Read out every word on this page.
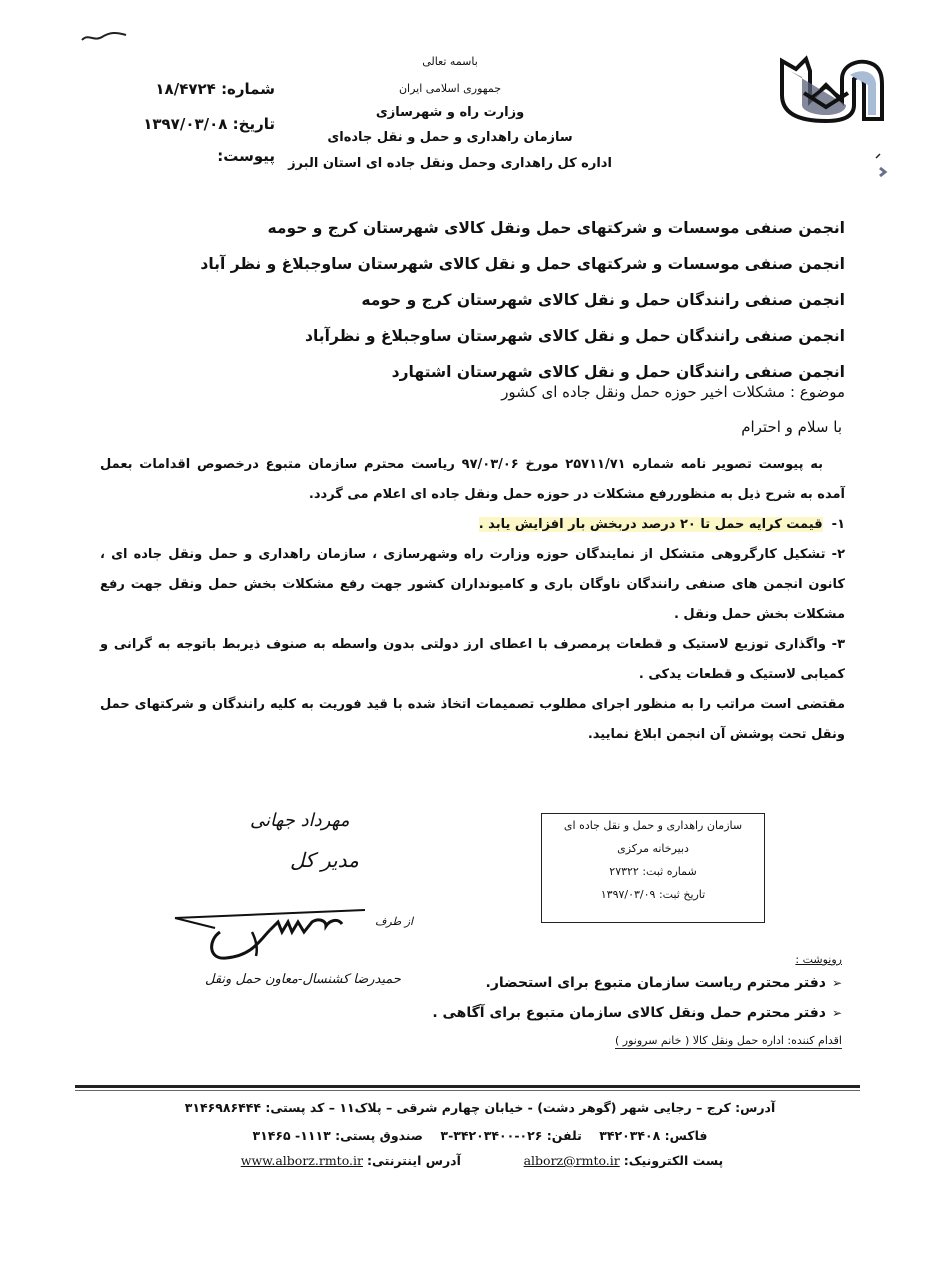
باسمه تعالی
جمهوری اسلامی ایران
وزارت راه و شهرسازی
سازمان راهداری و حمل و نقل جاده‌ای
اداره کل راهداری وحمل ونقل جاده ای استان البرز
شماره: ۱۸/۴۷۲۴
تاریخ: ۱۳۹۷/۰۳/۰۸
پیوست:
انجمن صنفی موسسات و شرکتهای حمل ونقل کالای شهرستان کرج و حومه
انجمن صنفی موسسات و شرکتهای حمل و نقل کالای شهرستان ساوجبلاغ و نظر آباد
انجمن صنفی رانندگان حمل و نقل کالای شهرستان کرج و حومه
انجمن صنفی رانندگان حمل و نقل کالای شهرستان ساوجبلاغ و نظرآباد
انجمن صنفی رانندگان حمل و نقل کالای شهرستان اشتهارد
موضوع : مشکلات اخیر حوزه حمل ونقل جاده ای کشور
با سلام و احترام

به پیوست تصویر نامه شماره ۲۵۷۱۱/۷۱ مورخ ۹۷/۰۳/۰۶ ریاست محترم سازمان متبوع درخصوص اقدامات بعمل آمده به شرح ذیل به منظوررفع مشکلات در حوزه حمل ونقل جاده ای اعلام می گردد.

۱-  قیمت کرایه حمل تا ۲۰ درصد دربخش بار افزایش یابد .

۲- تشکیل کارگروهی متشکل از نمایندگان حوزه وزارت راه وشهرسازی ، سازمان راهداری و حمل ونقل جاده ای ، کانون انجمن های صنفی رانندگان ناوگان باری و کامیونداران کشور جهت رفع مشکلات بخش حمل ونقل جهت رفع مشکلات بخش حمل ونقل .

۳- واگذاری توزیع لاستیک و قطعات پرمصرف با اعطای ارز دولتی بدون واسطه به صنوف ذیربط باتوجه به گرانی و کمیابی لاستیک و قطعات یدکی .

مقتضی است مراتب را به منظور اجرای مطلوب تصمیمات اتخاذ شده با قید فوریت به کلیه رانندگان و شرکتهای حمل ونقل تحت پوشش آن انجمن ابلاغ نمایید.

سازمان راهداری و حمل و نقل جاده ای
دبیرخانه مرکزی
شماره ثبت: ۲۷۳۲۲
تاریخ ثبت: ۱۳۹۷/۰۳/۰۹
مهرداد جهانی
مدیر کل
از طرف
حمیدرضا کشنسال-معاون حمل ونقل
رونوشت :
➢دفتر محترم ریاست سازمان متبوع برای استحضار.
➢دفتر محترم حمل ونقل کالای سازمان متبوع برای آگاهی .
اقدام کننده: اداره حمل ونقل کالا ( خانم سرونور )
آدرس: کرج – رجایی شهر (گوهر دشت) - خیابان چهارم شرقی – پلاک۱۱ – کد پستی: ۳۱۴۶۹۸۶۴۴۴
فاکس: ۳۴۲۰۳۴۰۸    تلفن: ۰۲۶-۳۴۲۰۳۴۰۰-۳    صندوق پستی: ۱۱۱۳- ۳۱۴۶۵
پست الکترونیک:alborz@rmto.ir  آدرس اینترنتی:www.alborz.rmto.ir
